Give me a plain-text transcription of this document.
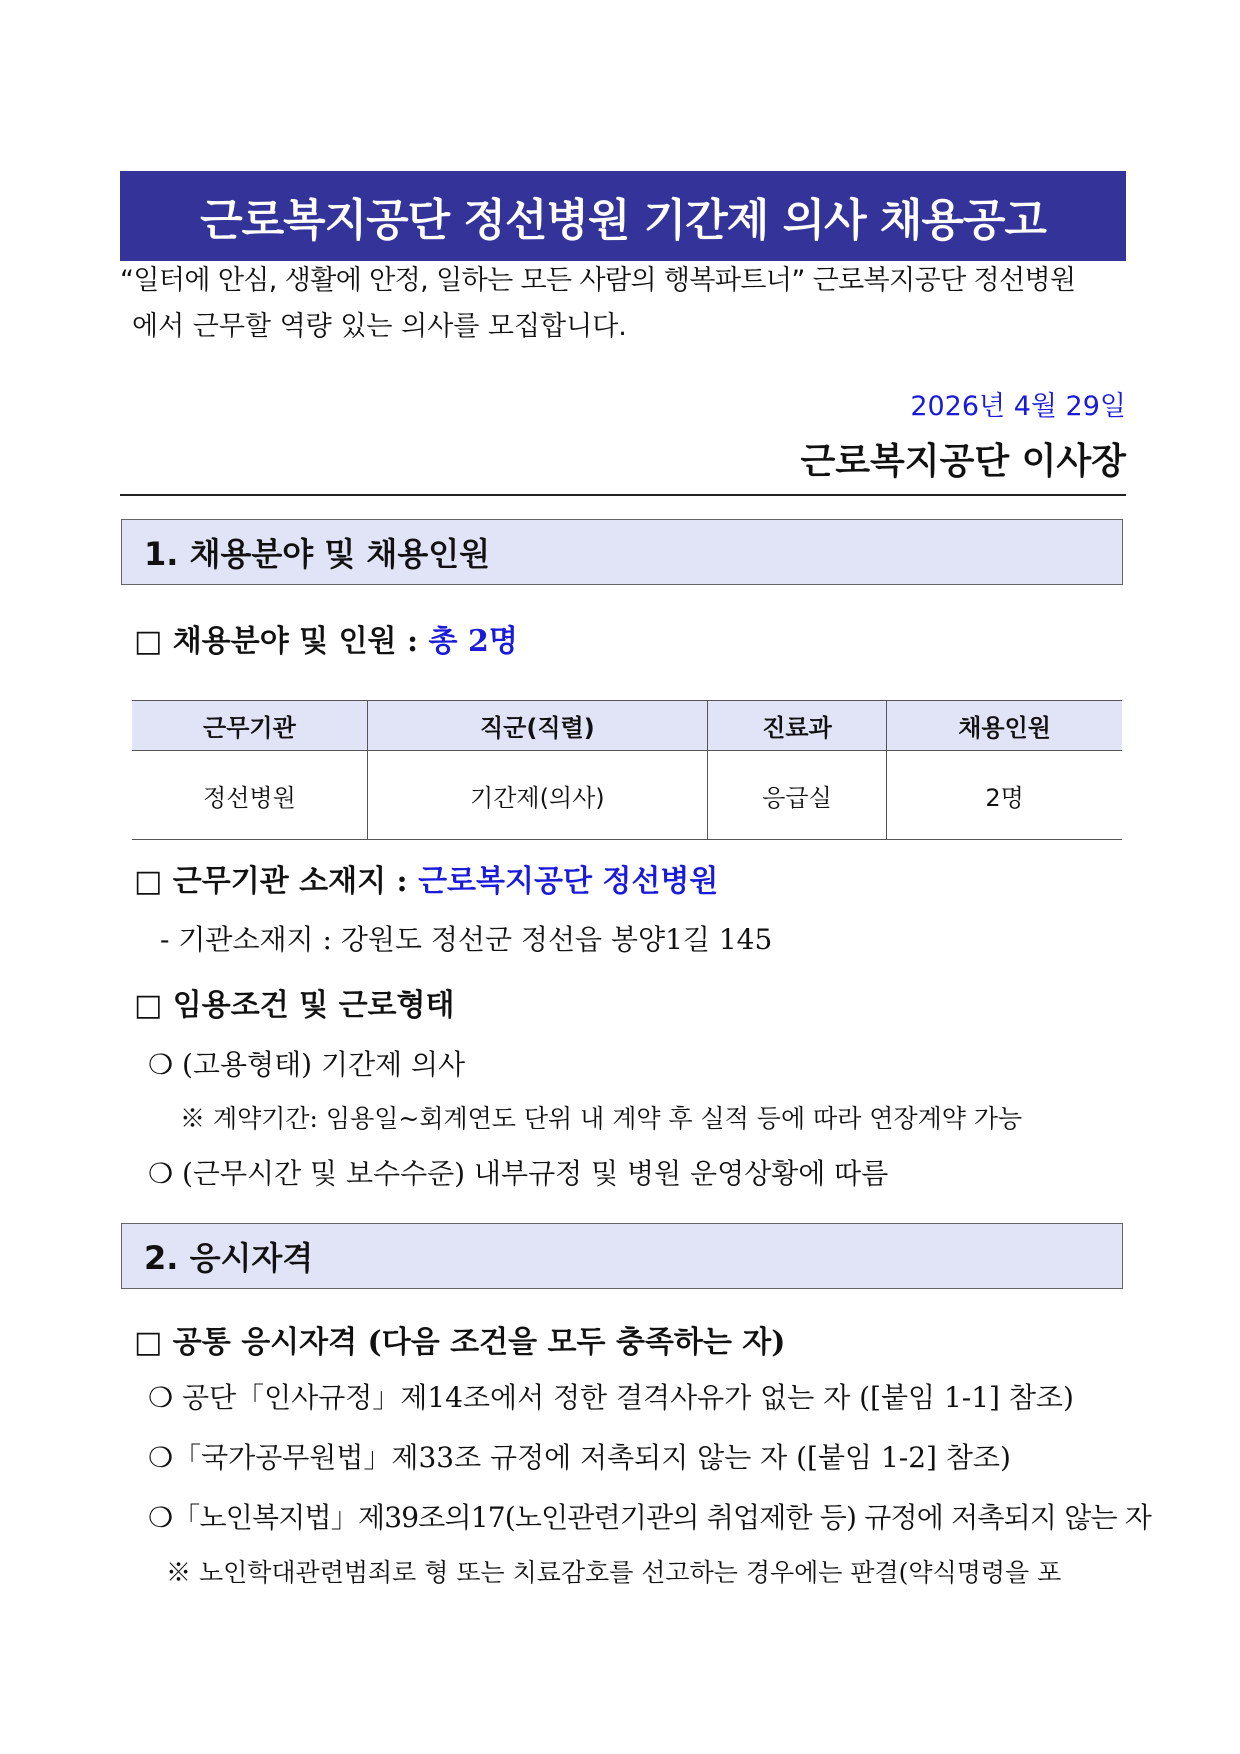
근로복지공단 정선병원 기간제 의사 채용공고
“일터에 안심, 생활에 안정, 일하는 모든 사람의 행복파트너” 근로복지공단 정선병원
에서 근무할 역량 있는 의사를 모집합니다.
2026년 4월 29일
근로복지공단 이사장
1. 채용분야 및 채용인원
□ 채용분야 및 인원 : 총 2명
근무기관	직군(직렬)	진료과	채용인원
정선병원	기간제(의사)	응급실	2명
□ 근무기관 소재지 : 근로복지공단 정선병원
- 기관소재지 : 강원도 정선군 정선읍 봉양1길 145
□ 임용조건 및 근로형태
❍ (고용형태) 기간제 의사
※ 계약기간: 임용일~회계연도 단위 내 계약 후 실적 등에 따라 연장계약 가능
❍ (근무시간 및 보수수준) 내부규정 및 병원 운영상황에 따름
2. 응시자격
□ 공통 응시자격 (다음 조건을 모두 충족하는 자)
❍ 공단「인사규정」제14조에서 정한 결격사유가 없는 자 ([붙임 1-1] 참조)
❍「국가공무원법」제33조 규정에 저촉되지 않는 자 ([붙임 1-2] 참조)
❍「노인복지법」제39조의17(노인관련기관의 취업제한 등) 규정에 저촉되지 않는 자
※ 노인학대관련범죄로 형 또는 치료감호를 선고하는 경우에는 판결(약식명령을 포
